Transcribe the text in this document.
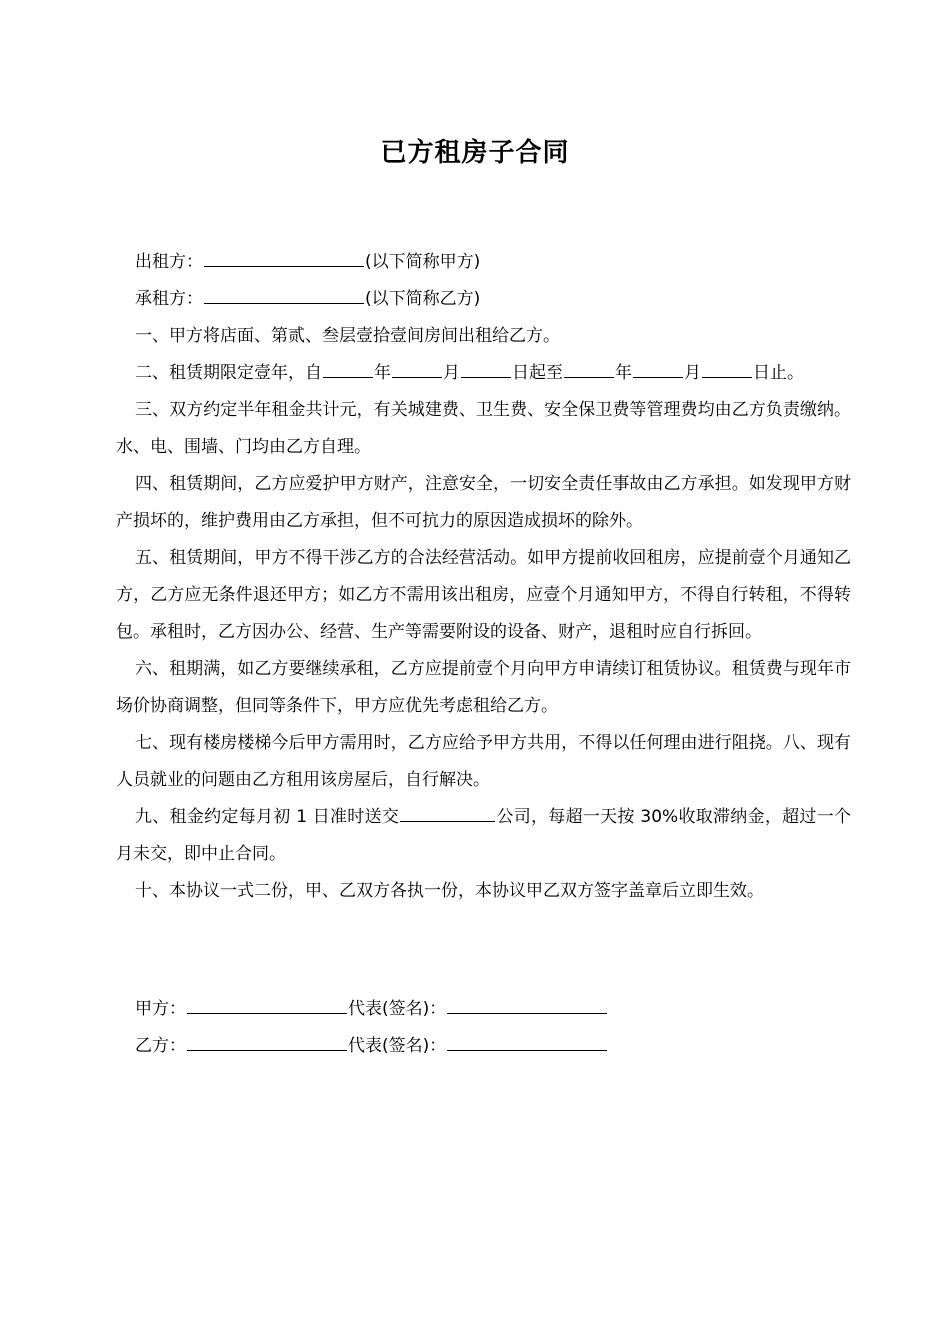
已方租房子合同

出租方：	(以下简称甲方)

承租方：	(以下简称乙方)

一、甲方将店面、第贰、叁层壹拾壹间房间出租给乙方。

二、租赁期限定壹年，自	年	月	日起至	年	月	日止。

三、双方约定半年租金共计元，有关城建费、卫生费、安全保卫费等管理费均由乙方负责缴纳。水、电、围墙、门均由乙方自理。

四、租赁期间，乙方应爱护甲方财产，注意安全，一切安全责任事故由乙方承担。如发现甲方财产损坏的，维护费用由乙方承担，但不可抗力的原因造成损坏的除外。

五、租赁期间，甲方不得干涉乙方的合法经营活动。如甲方提前收回租房，应提前壹个月通知乙方，乙方应无条件退还甲方；如乙方不需用该出租房，应壹个月通知甲方，不得自行转租，不得转包。承租时，乙方因办公、经营、生产等需要附设的设备、财产，退租时应自行拆回。

六、租期满，如乙方要继续承租，乙方应提前壹个月向甲方申请续订租赁协议。租赁费与现年市场价协商调整，但同等条件下，甲方应优先考虑租给乙方。

七、现有楼房楼梯今后甲方需用时，乙方应给予甲方共用，不得以任何理由进行阻挠。八、现有人员就业的问题由乙方租用该房屋后，自行解决。

九、租金约定每月初 1 日准时送交	公司，每超一天按 30%收取滞纳金，超过一个月未交，即中止合同。

十、本协议一式二份，甲、乙双方各执一份，本协议甲乙双方签字盖章后立即生效。

甲方：	代表(签名)：

乙方：	代表(签名)：
